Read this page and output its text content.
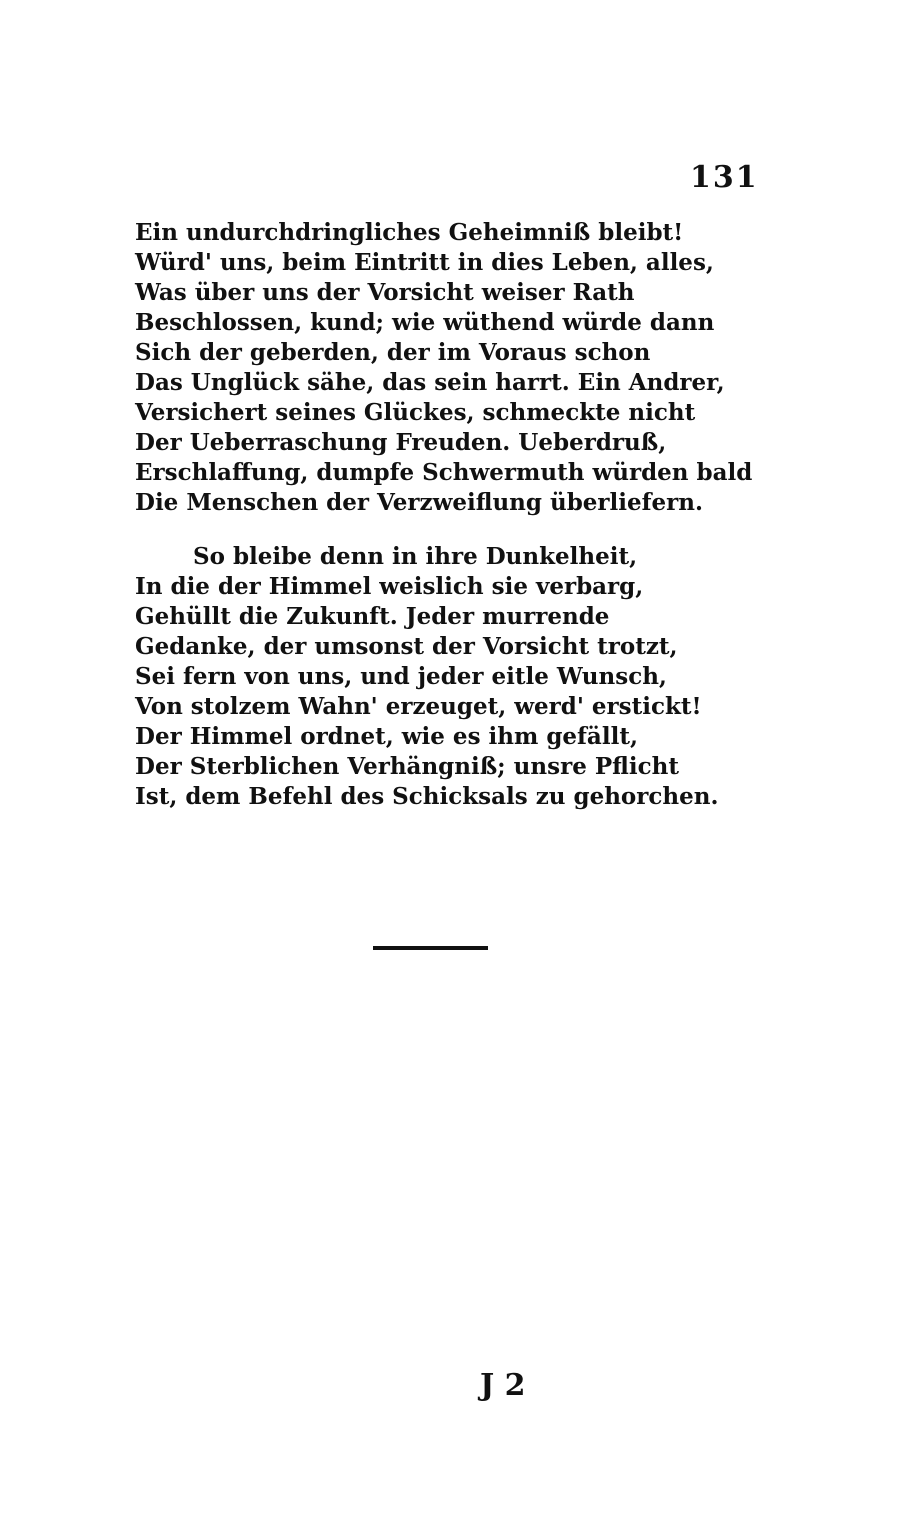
131
Ein undurchdringliches Geheimniß bleibt!
Würd' uns, beim Eintritt in dies Leben, alles,
Was über uns der Vorsicht weiser Rath
Beschlossen, kund; wie wüthend würde dann
Sich der geberden, der im Voraus schon
Das Unglück sähe, das sein harrt. Ein Andrer,
Versichert seines Glückes, schmeckte nicht
Der Ueberraschung Freuden. Ueberdruß,
Erschlaffung, dumpfe Schwermuth würden bald
Die Menschen der Verzweiflung überliefern.
So bleibe denn in ihre Dunkelheit,
In die der Himmel weislich sie verbarg,
Gehüllt die Zukunft. Jeder murrende
Gedanke, der umsonst der Vorsicht trotzt,
Sei fern von uns, und jeder eitle Wunsch,
Von stolzem Wahn' erzeuget, werd' erstickt!
Der Himmel ordnet, wie es ihm gefällt,
Der Sterblichen Verhängniß; unsre Pflicht
Ist, dem Befehl des Schicksals zu gehorchen.
J 2
